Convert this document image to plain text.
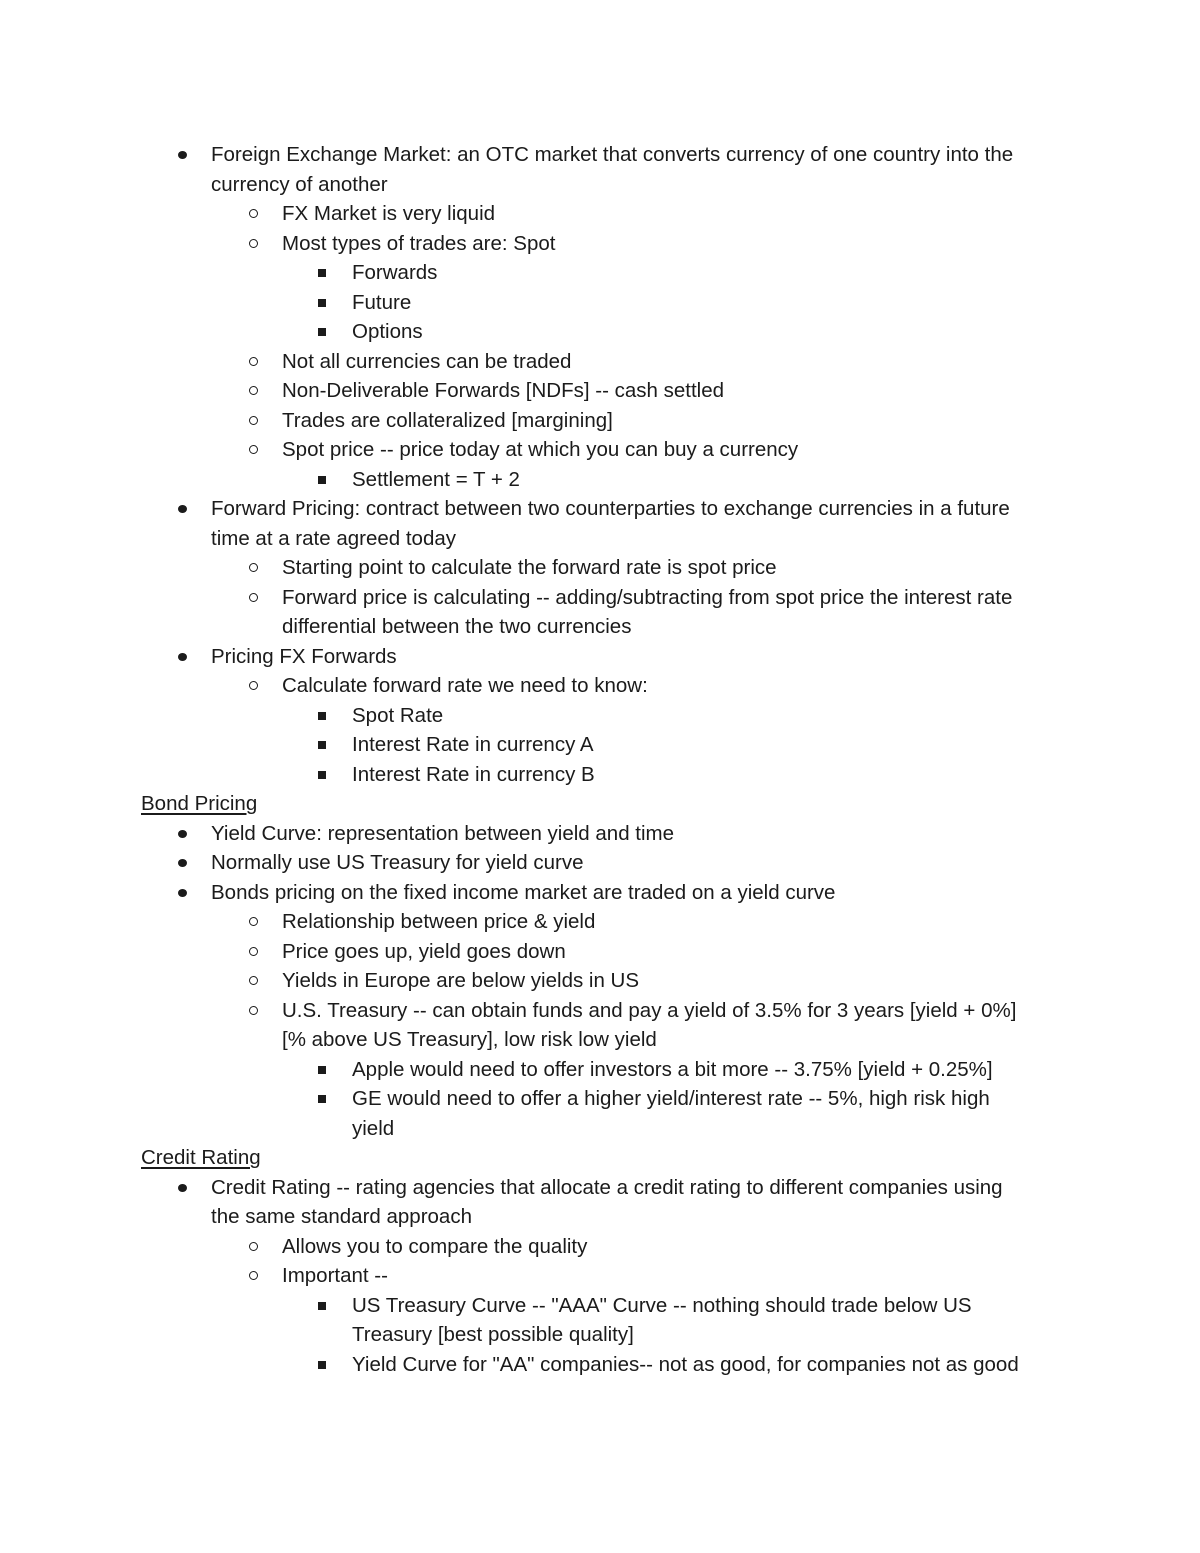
Foreign Exchange Market: an OTC market that converts currency of one country into the
currency of another
FX Market is very liquid
Most types of trades are: Spot
Forwards
Future
Options
Not all currencies can be traded
Non-Deliverable Forwards [NDFs] -- cash settled
Trades are collateralized [margining]
Spot price -- price today at which you can buy a currency
Settlement = T + 2
Forward Pricing: contract between two counterparties to exchange currencies in a future
time at a rate agreed today
Starting point to calculate the forward rate is spot price
Forward price is calculating -- adding/subtracting from spot price the interest rate
differential between the two currencies
Pricing FX Forwards
Calculate forward rate we need to know:
Spot Rate
Interest Rate in currency A
Interest Rate in currency B
Bond Pricing
Yield Curve: representation between yield and time
Normally use US Treasury for yield curve
Bonds pricing on the fixed income market are traded on a yield curve
Relationship between price & yield
Price goes up, yield goes down
Yields in Europe are below yields in US
U.S. Treasury -- can obtain funds and pay a yield of 3.5% for 3 years [yield + 0%]
[% above US Treasury], low risk low yield
Apple would need to offer investors a bit more -- 3.75% [yield + 0.25%]
GE would need to offer a higher yield/interest rate -- 5%, high risk high
yield
Credit Rating
Credit Rating -- rating agencies that allocate a credit rating to different companies using
the same standard approach
Allows you to compare the quality
Important --
US Treasury Curve -- "AAA" Curve -- nothing should trade below US
Treasury [best possible quality]
Yield Curve for "AA" companies-- not as good, for companies not as good
